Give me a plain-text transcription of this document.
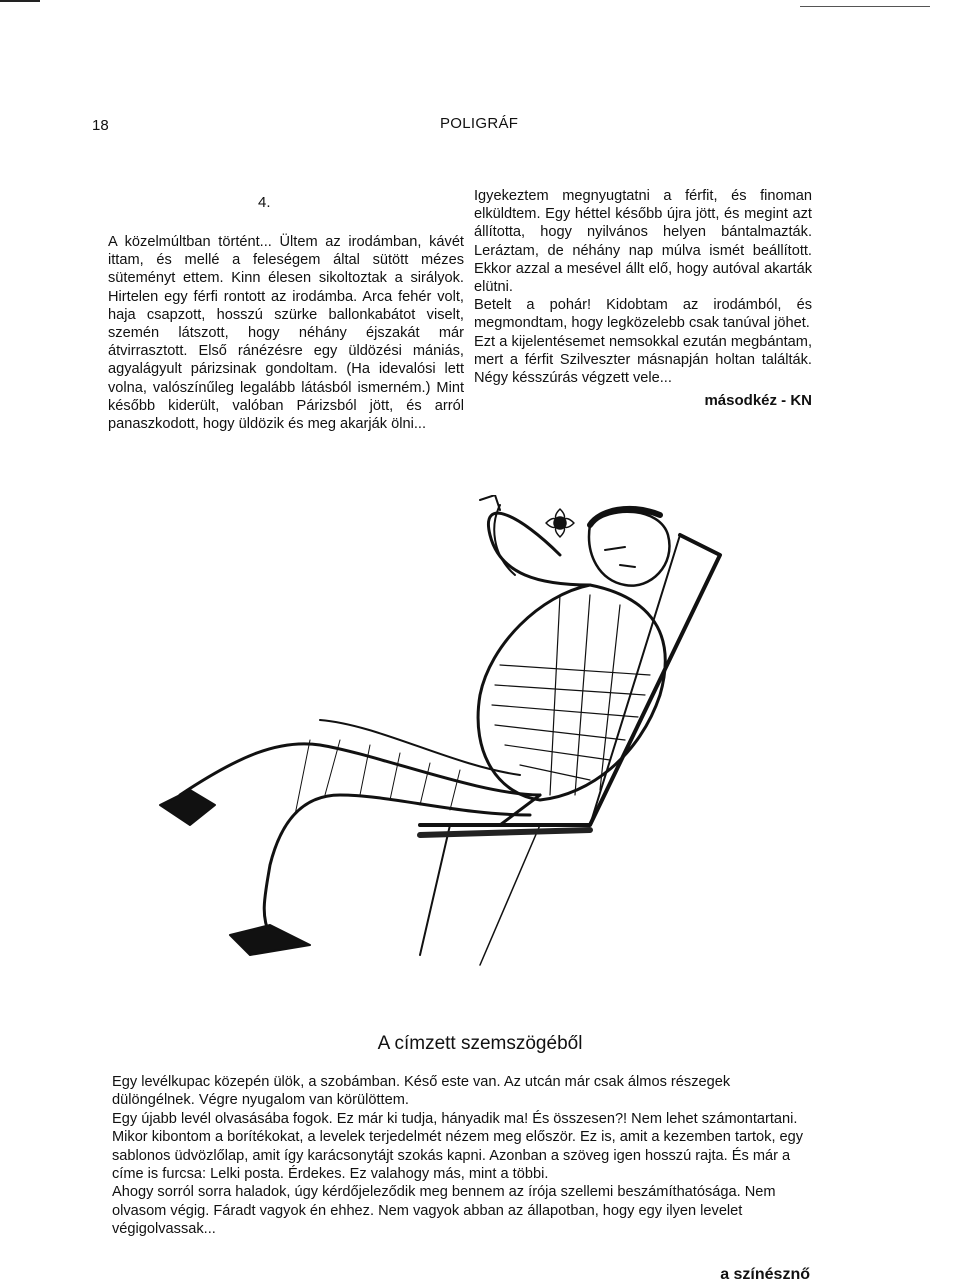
18	POLIGRÁF
4.

A közelmúltban történt... Ültem az irodámban, kávét ittam, és mellé a feleségem által sütött mézes süteményt ettem. Kinn élesen sikoltoztak a sirályok. Hirtelen egy férfi rontott az irodámba. Arca fehér volt, haja csapzott, hosszú szürke ballonkabátot viselt, szemén látszott, hogy néhány éjszakát már átvirrasztott. Első ránézésre egy üldözési mániás, agyalágyult párizsinak gondoltam. (Ha idevalósi lett volna, valószínűleg legalább látásból ismerném.) Mint később kiderült, valóban Párizsból jött, és arról panaszkodott, hogy üldözik és meg akarják ölni...

Igyekeztem megnyugtatni a férfit, és finoman elküldtem. Egy héttel később újra jött, és megint azt állította, hogy nyilvános helyen bántalmazták. Leráztam, de néhány nap múlva ismét beállított. Ekkor azzal a mesével állt elő, hogy autóval akarták elütni.

Betelt a pohár! Kidobtam az irodámból, és megmondtam, hogy legközelebb csak tanúval jöhet.

Ezt a kijelentésemet nemsokkal ezután megbántam, mert a férfit Szilveszter másnapján holtan találták. Négy késszúrás végzett vele...

másodkéz - KN
A címzett szemszögéből

Egy levélkupac közepén ülök, a szobámban. Késő este van. Az utcán már csak álmos részegek dülöngélnek. Végre nyugalom van körülöttem.

Egy újabb levél olvasásába fogok. Ez már ki tudja, hányadik ma! És összesen?! Nem lehet számontartani.

Mikor kibontom a borítékokat, a levelek terjedelmét nézem meg először. Ez is, amit a kezemben tartok, egy sablonos üdvözlőlap, amit így karácsonytájt szokás kapni. Azonban a szöveg igen hosszú rajta. És már a címe is furcsa: Lelki posta. Érdekes. Ez valahogy más, mint a többi.

Ahogy sorról sorra haladok, úgy kérdőjeleződik meg bennem az írója szellemi beszámíthatósága. Nem olvasom végig. Fáradt vagyok én ehhez. Nem vagyok abban az állapotban, hogy egy ilyen levelet végigolvassak...

a színésznő
